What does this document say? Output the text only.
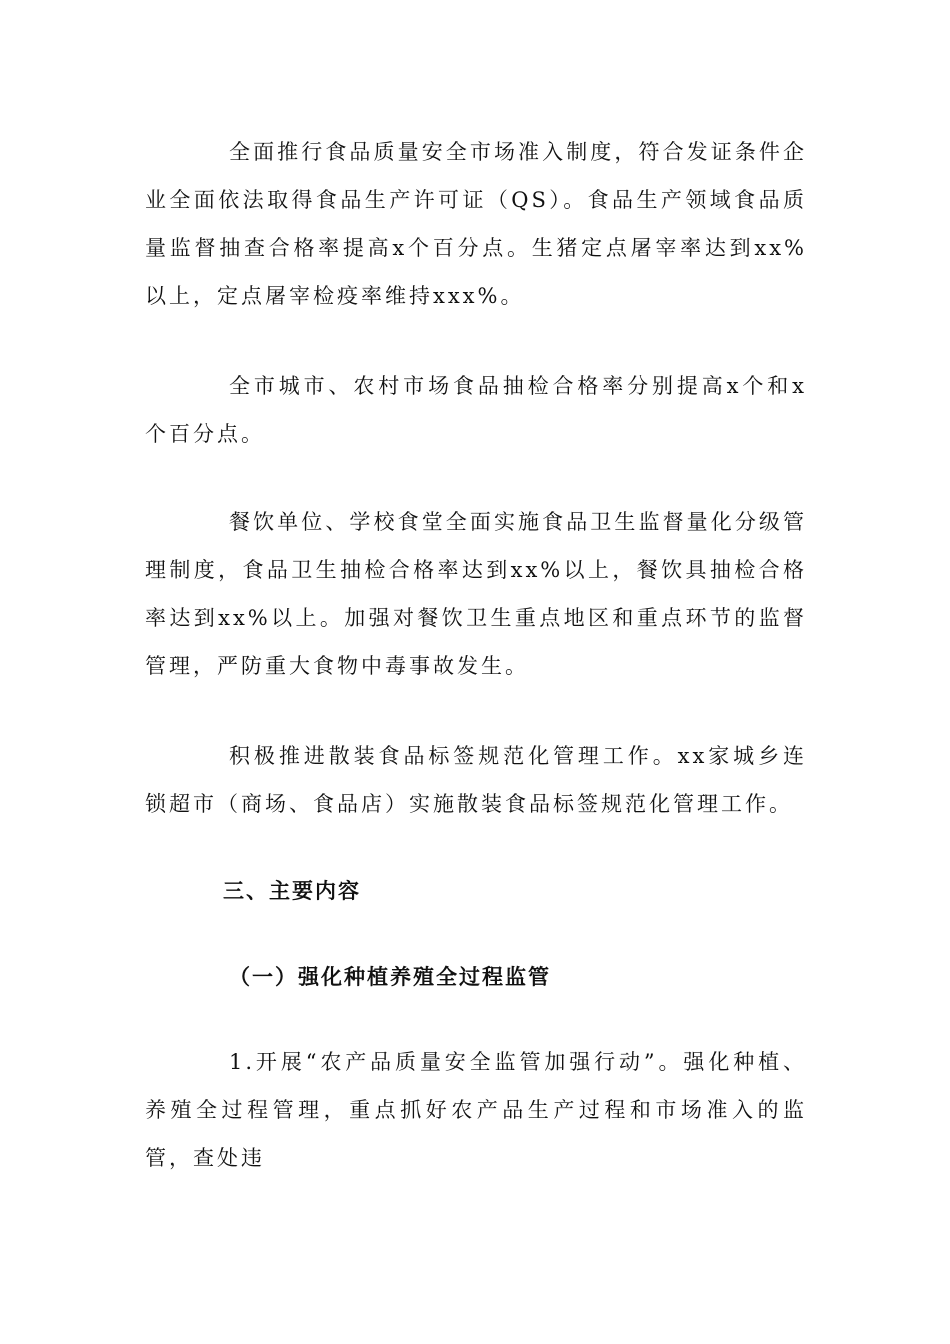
全面推行食品质量安全市场准入制度，符合发证条件企业全面依法取得食品生产许可证（QS）。食品生产领域食品质量监督抽查合格率提高x个百分点。生猪定点屠宰率达到xx%以上，定点屠宰检疫率维持xxx%。

全市城市、农村市场食品抽检合格率分别提高x个和x个百分点。

餐饮单位、学校食堂全面实施食品卫生监督量化分级管理制度，食品卫生抽检合格率达到xx%以上，餐饮具抽检合格率达到xx%以上。加强对餐饮卫生重点地区和重点环节的监督管理，严防重大食物中毒事故发生。

积极推进散装食品标签规范化管理工作。xx家城乡连锁超市（商场、食品店）实施散装食品标签规范化管理工作。

三、主要内容

（一）强化种植养殖全过程监管

1.开展“农产品质量安全监管加强行动”。强化种植、养殖全过程管理，重点抓好农产品生产过程和市场准入的监管，查处违
